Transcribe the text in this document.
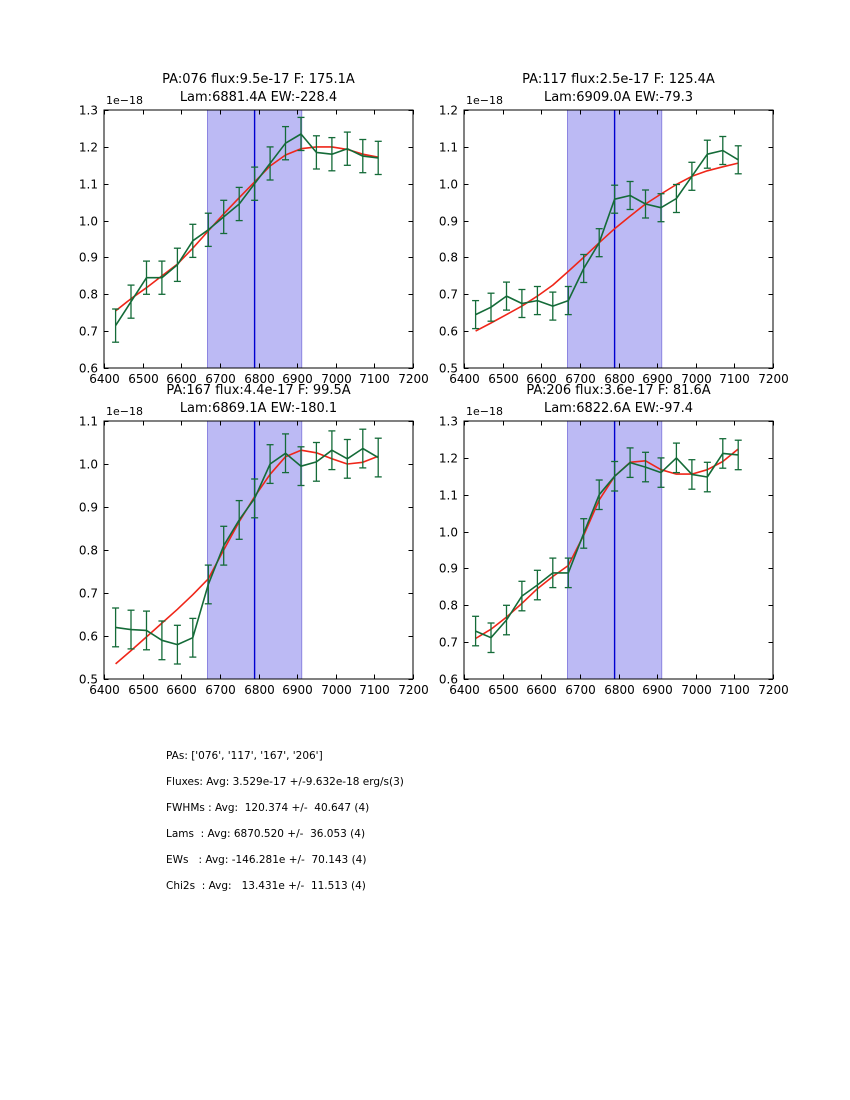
PA:076 flux:9.5e-17 F: 175.1A
Lam:6881.4A EW:-228.4
1e−18
6400 6500 6600 6700 6800 6900 7000 7100 7200
0.6
0.7
0.8
0.9
1.0
1.1
1.2
1.3
PA:117 flux:2.5e-17 F: 125.4A
Lam:6909.0A EW:-79.3
1e−18
6400 6500 6600 6700 6800 6900 7000 7100 7200
0.5
0.6
0.7
0.8
0.9
1.0
1.1
1.2
PA:167 flux:4.4e-17 F: 99.5A
Lam:6869.1A EW:-180.1
1e−18
6400 6500 6600 6700 6800 6900 7000 7100 7200
0.5
0.6
0.7
0.8
0.9
1.0
1.1
PA:206 flux:3.6e-17 F: 81.6A
Lam:6822.6A EW:-97.4
1e−18
6400 6500 6600 6700 6800 6900 7000 7100 7200
0.6
0.7
0.8
0.9
1.0
1.1
1.2
1.3
PAs: ['076', '117', '167', '206']
Fluxes: Avg: 3.529e-17 +/-9.632e-18 erg/s(3)
FWHMs : Avg:  120.374 +/-  40.647 (4)
Lams  : Avg: 6870.520 +/-  36.053 (4)
EWs   : Avg: -146.281e +/-  70.143 (4)
Chi2s  : Avg:   13.431e +/-  11.513 (4)
